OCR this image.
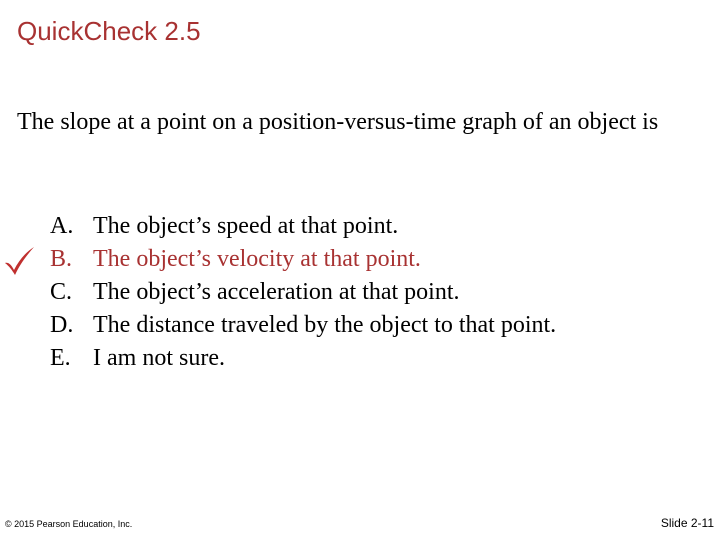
QuickCheck 2.5
The slope at a point on a position-versus-time graph of an object is
A. The object’s speed at that point.
B. The object’s velocity at that point.
C. The object’s acceleration at that point.
D. The distance traveled by the object to that point.
E. I am not sure.
© 2015 Pearson Education, Inc.	Slide 2-11
